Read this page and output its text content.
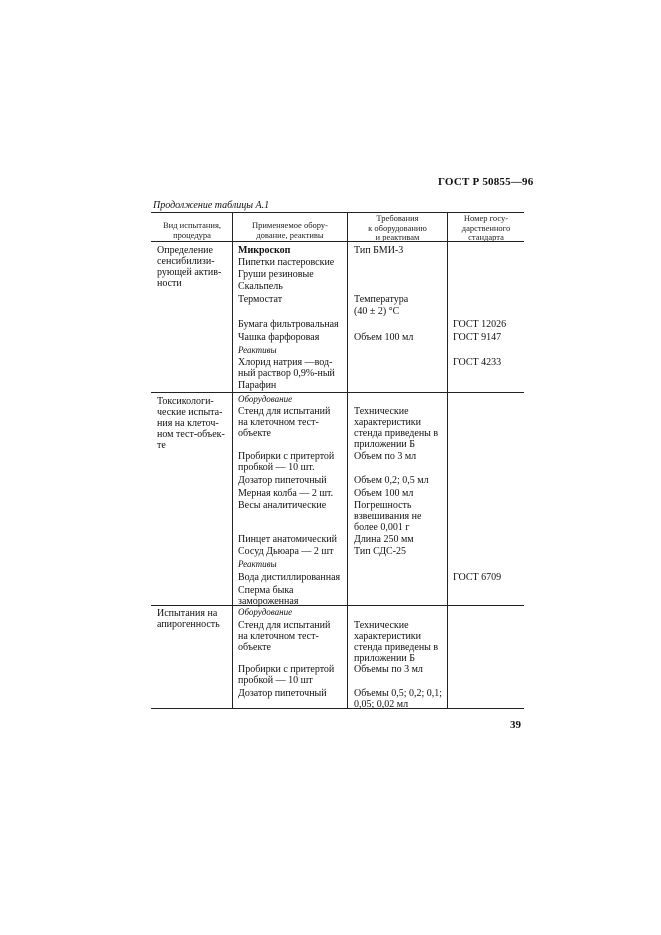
ГОСТ Р 50855—96
Продолжение таблицы А.1
Вид испытания,
процедура
Применяемое обору-
дование, реактивы
Требования
к оборудованию
и реактивам
Номер госу-
дарственного
стандарта
Определение
сенсибилизи-
рующей актив-
ности
Микроскоп
Пипетки пастеровские
Груши резиновые
Скальпель
Термостат
Бумага фильтровальная
Чашка фарфоровая
Реактивы
Хлорид натрия —вод-
ный раствор 0,9%-ный
Парафин
Тип БМИ-3
Температура
(40 ± 2) °С
Объем 100 мл
ГОСТ 12026
ГОСТ 9147
ГОСТ 4233
Токсикологи-
ческие испыта-
ния на клеточ-
ном тест-объек-
те
Оборудование
Стенд для испытаний
на клеточном тест-
объекте
Пробирки с притертой
пробкой — 10 шт.
Дозатор пипеточный
Мерная колба — 2 шт.
Весы аналитические
Пинцет анатомический
Сосуд Дьюара — 2 шт
Реактивы
Вода дистиллированная
Сперма быка
замороженная
Технические
характеристики
стенда приведены в
приложении Б
Объем по 3 мл
Объем 0,2; 0,5 мл
Объем 100 мл
Погрешность
взвешивания не
более 0,001 г
Длина 250 мм
Тип СДС-25
ГОСТ 6709
Испытания на
апирогенность
Оборудование
Стенд для испытаний
на клеточном тест-
объекте
Пробирки с притертой
пробкой — 10 шт
Дозатор пипеточный
Технические
характеристики
стенда приведены в
приложении Б
Объемы по 3 мл
Объемы 0,5; 0,2; 0,1;
0,05; 0,02 мл
39
